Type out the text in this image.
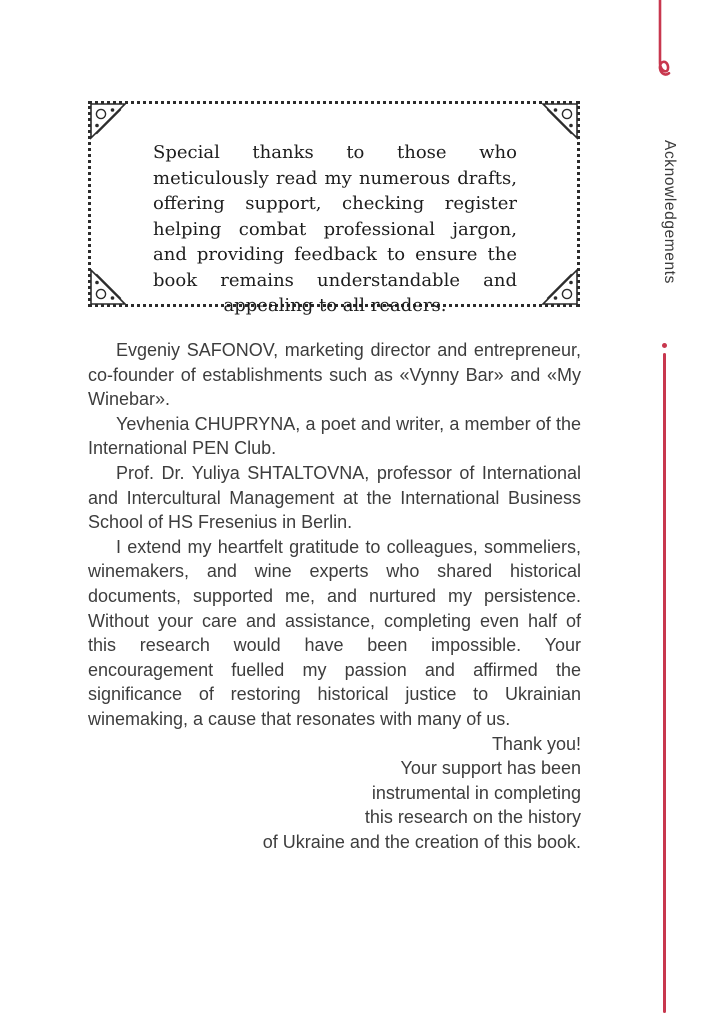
Special thanks to those who meticulously read my numerous drafts, offering support, checking register helping combat professional jargon, and providing feedback to ensure the book remains understandable and appealing to all readers.

Acknowledgements

Evgeniy SAFONOV, marketing director and entrepreneur, co-founder of establishments such as «Vynny Bar» and «My Winebar».

Yevhenia CHUPRYNA, a poet and writer, a member of the International PEN Club.

Prof. Dr. Yuliya SHTALTOVNA, professor of International and Intercultural Management at the International Business School of HS Fresenius in Berlin.

I extend my heartfelt gratitude to colleagues, sommeliers, winemakers, and wine experts who shared historical documents, supported me, and nurtured my persistence. Without your care and assistance, completing even half of this research would have been impossible. Your encouragement fuelled my passion and affirmed the significance of restoring historical justice to Ukrainian winemaking, a cause that resonates with many of us.

Thank you!
Your support has been
instrumental in completing
this research on the history
of Ukraine and the creation of this book.
